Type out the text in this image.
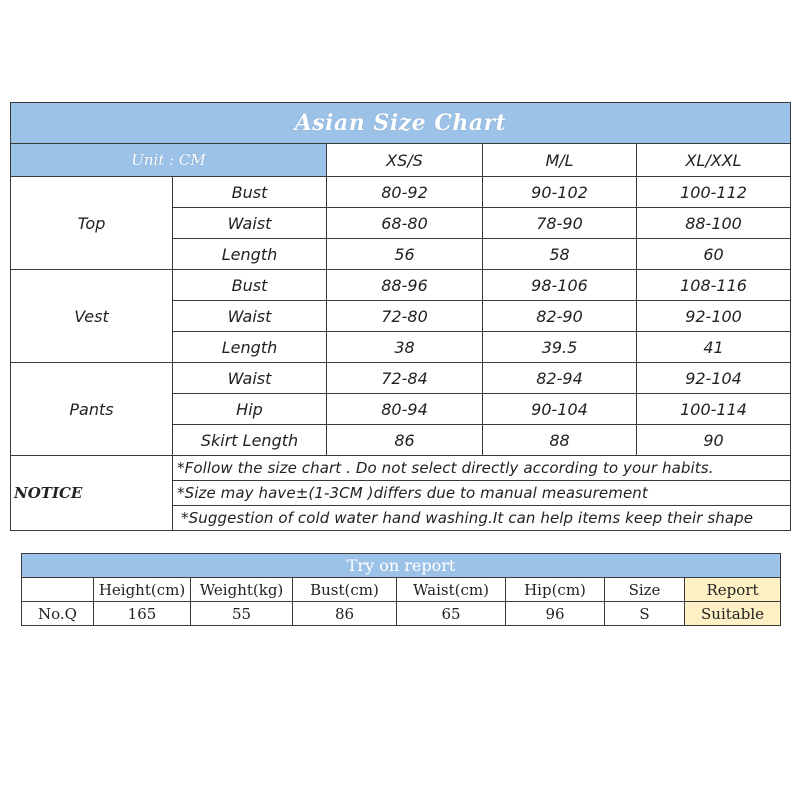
Asian Size Chart				
Unit : CM		XS/S	M/L	XL/XXL
Top	Bust	80-92	90-102	100-112
	Waist	68-80	78-90	88-100
	Length	56	58	60
Vest	Bust	88-96	98-106	108-116
	Waist	72-80	82-90	92-100
	Length	38	39.5	41
Pants	Waist	72-84	82-94	92-104
	Hip	80-94	90-104	100-114
	Skirt Length	86	88	90
NOTICE	*Follow the size chart . Do not select directly according to your habits.			
	*Size may have±(1-3CM )differs due to manual measurement			
	*Suggestion of cold water hand washing.It can help items keep their shape			
Try on report							
	Height(cm)	Weight(kg)	Bust(cm)	Waist(cm)	Hip(cm)	Size	Report
No.Q	165	55	86	65	96	S	Suitable
